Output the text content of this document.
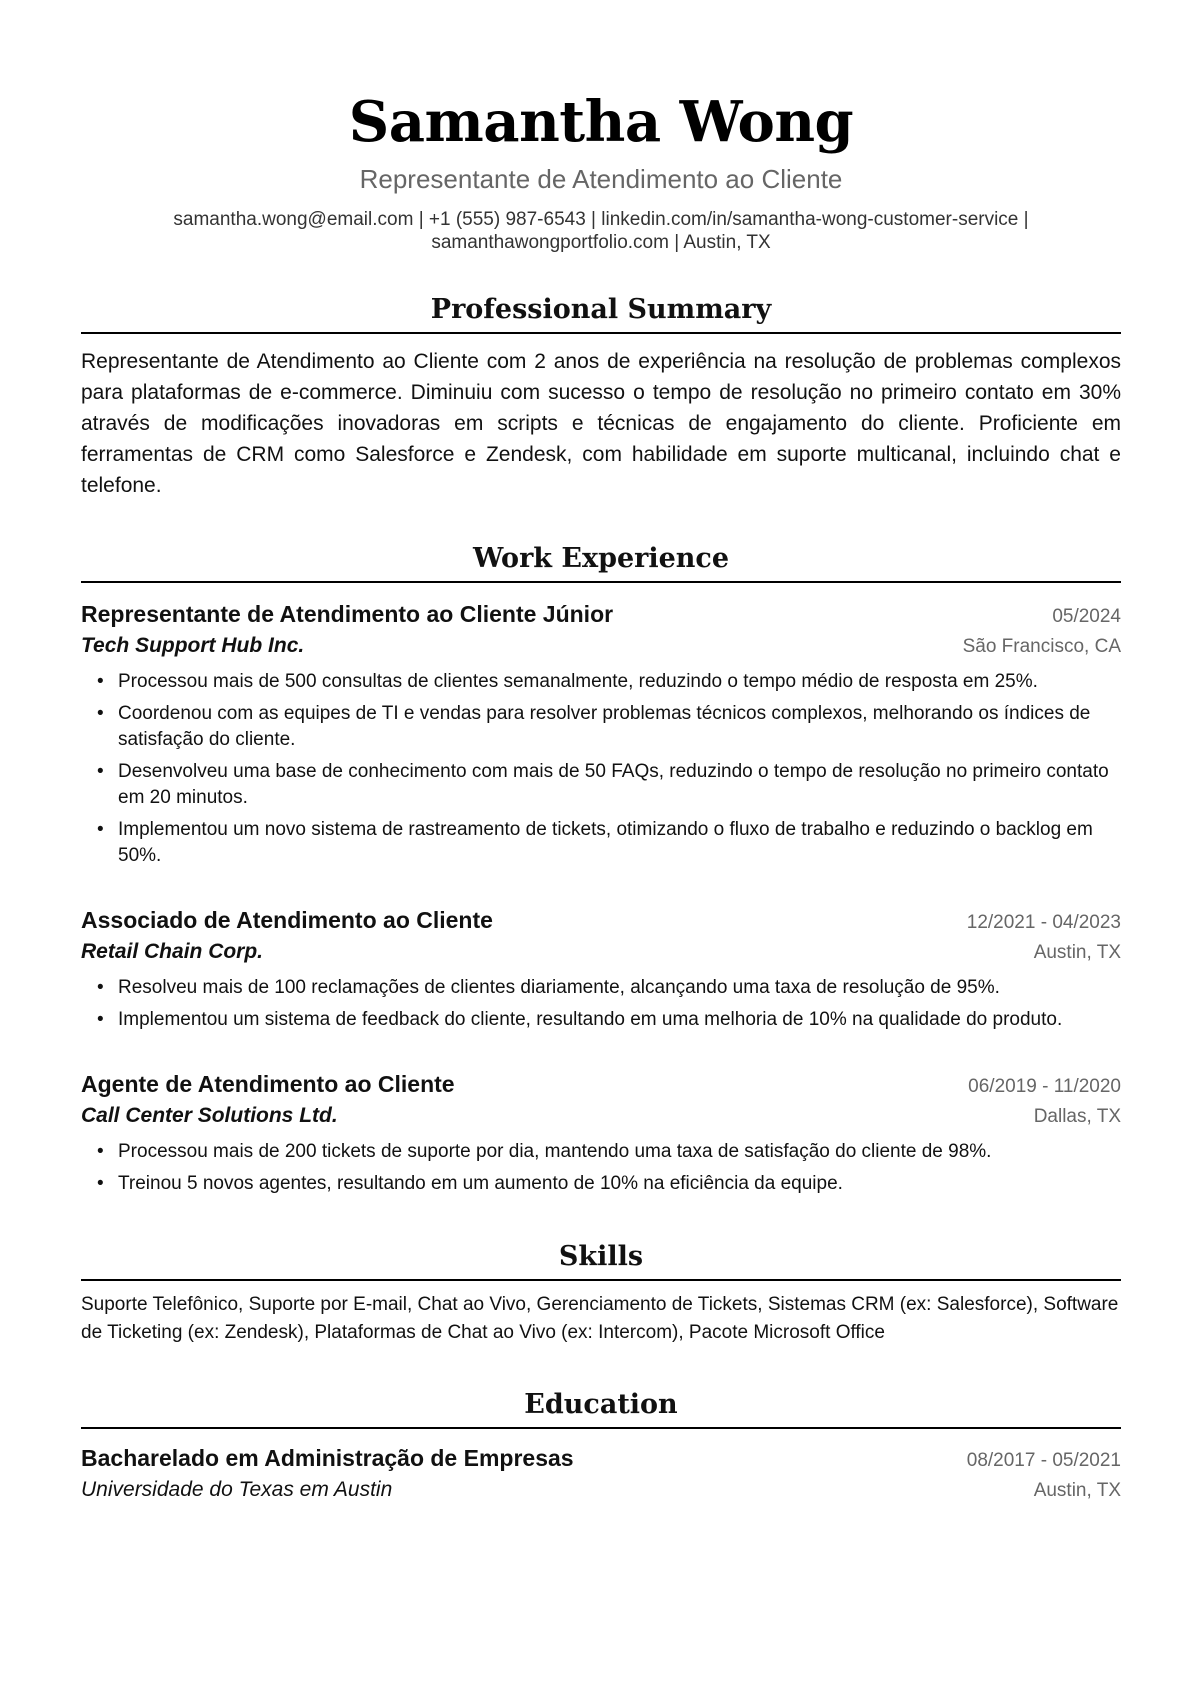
Samantha Wong
Representante de Atendimento ao Cliente
samantha.wong@email.com | +1 (555) 987-6543 | linkedin.com/in/samantha-wong-customer-service |
samanthawongportfolio.com | Austin, TX
Professional Summary
Representante de Atendimento ao Cliente com 2 anos de experiência na resolução de problemas complexos para plataformas de e-commerce. Diminuiu com sucesso o tempo de resolução no primeiro contato em 30% através de modificações inovadoras em scripts e técnicas de engajamento do cliente. Proficiente em ferramentas de CRM como Salesforce e Zendesk, com habilidade em suporte multicanal, incluindo chat e telefone.
Work Experience
Representante de Atendimento ao Cliente Júnior	05/2024
Tech Support Hub Inc.	São Francisco, CA
• Processou mais de 500 consultas de clientes semanalmente, reduzindo o tempo médio de resposta em 25%.
• Coordenou com as equipes de TI e vendas para resolver problemas técnicos complexos, melhorando os índices de satisfação do cliente.
• Desenvolveu uma base de conhecimento com mais de 50 FAQs, reduzindo o tempo de resolução no primeiro contato em 20 minutos.
• Implementou um novo sistema de rastreamento de tickets, otimizando o fluxo de trabalho e reduzindo o backlog em 50%.
Associado de Atendimento ao Cliente	12/2021 - 04/2023
Retail Chain Corp.	Austin, TX
• Resolveu mais de 100 reclamações de clientes diariamente, alcançando uma taxa de resolução de 95%.
• Implementou um sistema de feedback do cliente, resultando em uma melhoria de 10% na qualidade do produto.
Agente de Atendimento ao Cliente	06/2019 - 11/2020
Call Center Solutions Ltd.	Dallas, TX
• Processou mais de 200 tickets de suporte por dia, mantendo uma taxa de satisfação do cliente de 98%.
• Treinou 5 novos agentes, resultando em um aumento de 10% na eficiência da equipe.
Skills
Suporte Telefônico, Suporte por E-mail, Chat ao Vivo, Gerenciamento de Tickets, Sistemas CRM (ex: Salesforce), Software de Ticketing (ex: Zendesk), Plataformas de Chat ao Vivo (ex: Intercom), Pacote Microsoft Office
Education
Bacharelado em Administração de Empresas	08/2017 - 05/2021
Universidade do Texas em Austin	Austin, TX
